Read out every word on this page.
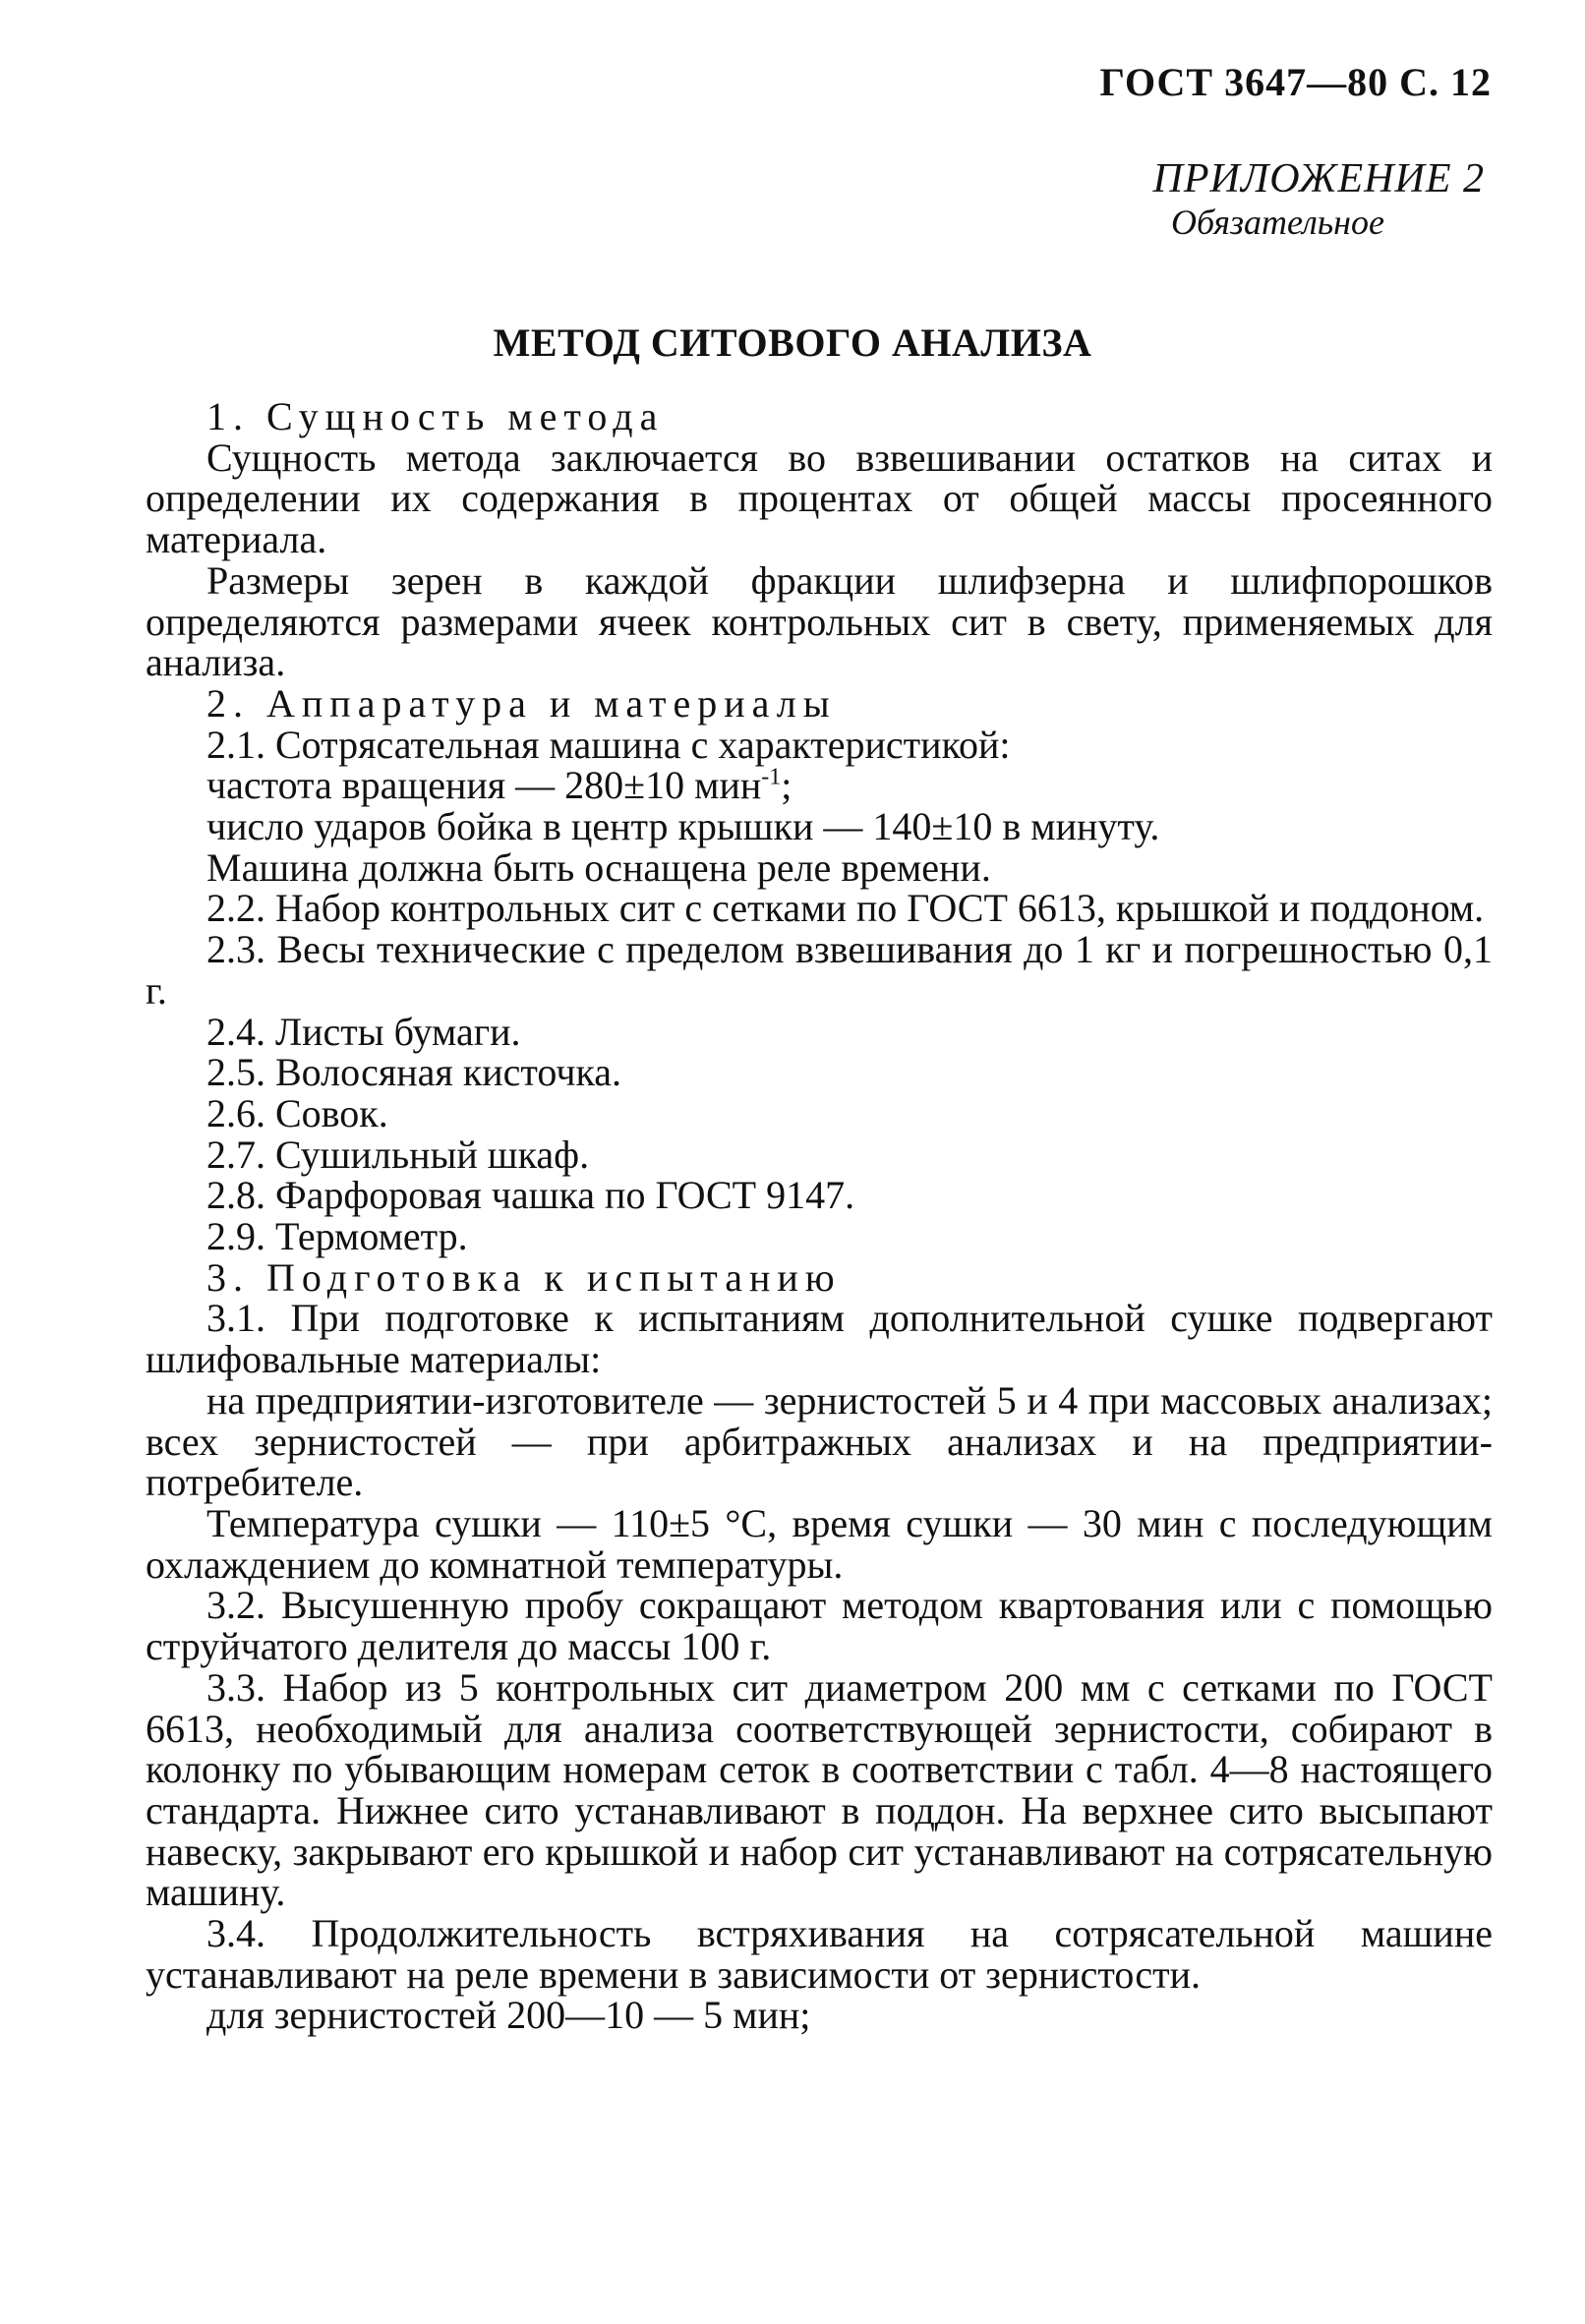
ГОСТ 3647—80 С. 12
ПРИЛОЖЕНИЕ 2
Обязательное
МЕТОД СИТОВОГО АНАЛИЗА

1. Сущность метода

Сущность метода заключается во взвешивании остатков на ситах и определении их содержания в процентах от общей массы просеянного материала.

Размеры зерен в каждой фракции шлифзерна и шлифпорошков определяются размерами ячеек контрольных сит в свету, применяемых для анализа.

2. Аппаратура и материалы

2.1. Сотрясательная машина с характеристикой:

частота вращения — 280±10 мин$^{-1}$;

число ударов бойка в центр крышки — 140±10 в минуту.

Машина должна быть оснащена реле времени.

2.2. Набор контрольных сит с сетками по ГОСТ 6613, крышкой и поддоном.

2.3. Весы технические с пределом взвешивания до 1 кг и погрешностью 0,1 г.

2.4. Листы бумаги.

2.5. Волосяная кисточка.

2.6. Совок.

2.7. Сушильный шкаф.

2.8. Фарфоровая чашка по ГОСТ 9147.

2.9. Термометр.

3. Подготовка к испытанию

3.1. При подготовке к испытаниям дополнительной сушке подвергают шлифовальные материалы:

на предприятии-изготовителе — зернистостей 5 и 4 при массовых анализах; всех зернистостей — при арбитражных анализах и на предприятии-потребителе.

Температура сушки — 110±5 °С, время сушки — 30 мин с последующим охлаждением до комнатной температуры.

3.2. Высушенную пробу сокращают методом квартования или с помощью струйчатого делителя до массы 100 г.

3.3. Набор из 5 контрольных сит диаметром 200 мм с сетками по ГОСТ 6613, необходимый для анализа соответствующей зернистости, собирают в колонку по убывающим номерам сеток в соответствии с табл. 4—8 настоящего стандарта. Нижнее сито устанавливают в поддон. На верхнее сито высыпают навеску, закрывают его крышкой и набор сит устанавливают на сотрясательную машину.

3.4. Продолжительность встряхивания на сотрясательной машине устанавливают на реле времени в зависимости от зернистости.

для зернистостей 200—10 — 5 мин;
